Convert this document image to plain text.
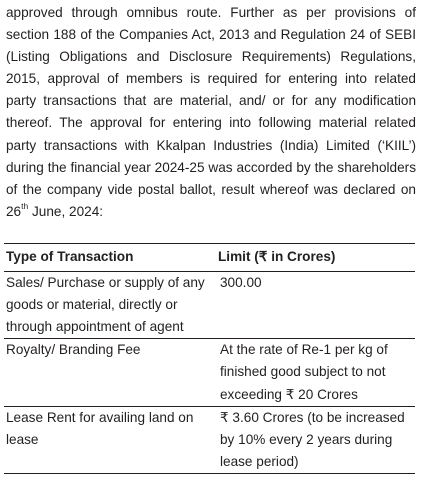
approved through omnibus route. Further as per provisions of section 188 of the Companies Act, 2013 and Regulation 24 of SEBI (Listing Obligations and Disclosure Requirements) Regulations, 2015, approval of members is required for entering into related party transactions that are material, and/ or for any modification thereof. The approval for entering into following material related party transactions with Kkalpan Industries (India) Limited (‘KIIL’) during the financial year 2024-25 was accorded by the shareholders of the company vide postal ballot, result whereof was declared on 26th June, 2024:

Type of Transaction	Limit (₹ in Crores)
Sales/ Purchase or supply of any goods or material, directly or through appointment of agent	300.00
Royalty/ Branding Fee	At the rate of Re-1 per kg of finished good subject to not exceeding ₹ 20 Crores
Lease Rent for availing land on lease	₹ 3.60 Crores (to be increased by 10% every 2 years during lease period)
